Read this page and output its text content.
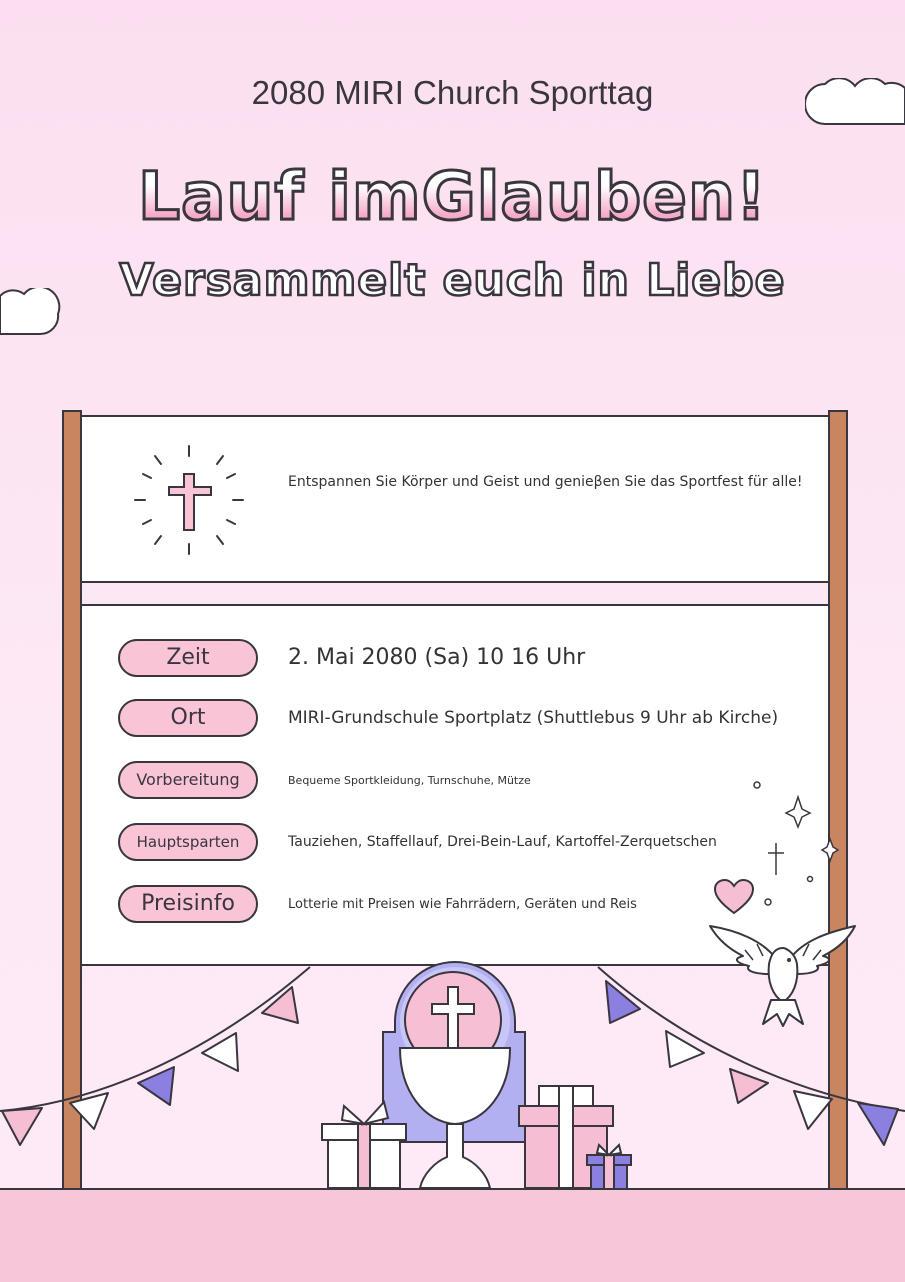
2080 MIRI Church Sporttag
Lauf imGlauben!
Versammelt euch in Liebe
Entspannen Sie Körper und Geist und genieβen Sie das Sportfest für alle!
Zeit	2. Mai 2080 (Sa) 10 16 Uhr
Ort	MIRI-Grundschule Sportplatz (Shuttlebus 9 Uhr ab Kirche)
Vorbereitung	Bequeme Sportkleidung, Turnschuhe, Mütze
Hauptsparten	Tauziehen, Staffellauf, Drei-Bein-Lauf, Kartoffel-Zerquetschen
Preisinfo	Lotterie mit Preisen wie Fahrrädern, Geräten und Reis
